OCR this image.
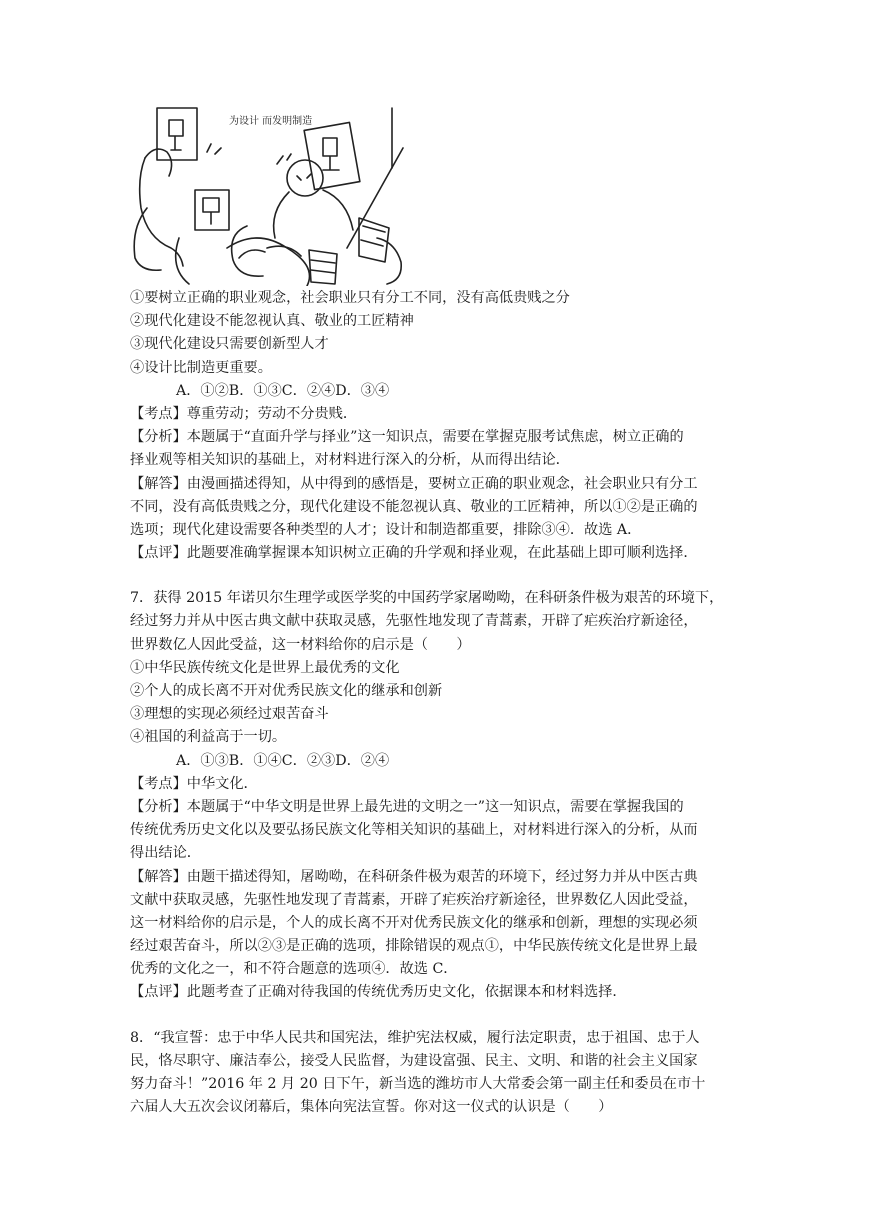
为设计 而发明制造
①要树立正确的职业观念，社会职业只有分工不同，没有高低贵贱之分
②现代化建设不能忽视认真、敬业的工匠精神
③现代化建设只需要创新型人才
④设计比制造更重要。
A．①②B．①③C．②④D．③④
【考点】尊重劳动；劳动不分贵贱．
【分析】本题属于“直面升学与择业”这一知识点，需要在掌握克服考试焦虑，树立正确的
择业观等相关知识的基础上，对材料进行深入的分析，从而得出结论．
【解答】由漫画描述得知，从中得到的感悟是，要树立正确的职业观念，社会职业只有分工
不同，没有高低贵贱之分，现代化建设不能忽视认真、敬业的工匠精神，所以①②是正确的
选项；现代化建设需要各种类型的人才；设计和制造都重要，排除③④．故选 A．
【点评】此题要准确掌握课本知识树立正确的升学观和择业观，在此基础上即可顺利选择．
7．获得 2015 年诺贝尔生理学或医学奖的中国药学家屠呦呦，在科研条件极为艰苦的环境下，
经过努力并从中医古典文献中获取灵感，先驱性地发现了青蒿素，开辟了疟疾治疗新途径，
世界数亿人因此受益，这一材料给你的启示是（　　）
①中华民族传统文化是世界上最优秀的文化
②个人的成长离不开对优秀民族文化的继承和创新
③理想的实现必须经过艰苦奋斗
④祖国的利益高于一切。
A．①③B．①④C．②③D．②④
【考点】中华文化．
【分析】本题属于“中华文明是世界上最先进的文明之一”这一知识点，需要在掌握我国的
传统优秀历史文化以及要弘扬民族文化等相关知识的基础上，对材料进行深入的分析，从而
得出结论．
【解答】由题干描述得知，屠呦呦，在科研条件极为艰苦的环境下，经过努力并从中医古典
文献中获取灵感，先驱性地发现了青蒿素，开辟了疟疾治疗新途径，世界数亿人因此受益，
这一材料给你的启示是，个人的成长离不开对优秀民族文化的继承和创新，理想的实现必须
经过艰苦奋斗，所以②③是正确的选项，排除错误的观点①，中华民族传统文化是世界上最
优秀的文化之一，和不符合题意的选项④．故选 C．
【点评】此题考查了正确对待我国的传统优秀历史文化，依据课本和材料选择．
8．“我宣誓：忠于中华人民共和国宪法，维护宪法权威，履行法定职责，忠于祖国、忠于人
民，恪尽职守、廉洁奉公，接受人民监督，为建设富强、民主、文明、和谐的社会主义国家
努力奋斗！”2016 年 2 月 20 日下午，新当选的潍坊市人大常委会第一副主任和委员在市十
六届人大五次会议闭幕后，集体向宪法宣誓。你对这一仪式的认识是（　　）
